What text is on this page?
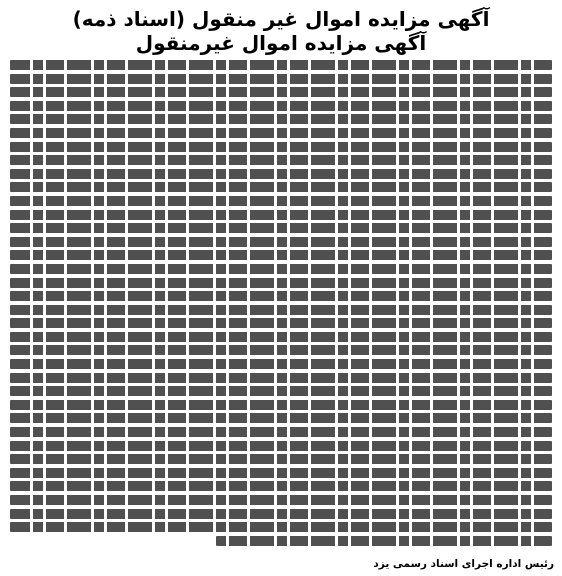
آگهی مزایده اموال غیر منقول (اسناد ذمه)
آگهی مزایده اموال غیرمنقول
رئیس اداره اجرای اسناد رسمی یزد
